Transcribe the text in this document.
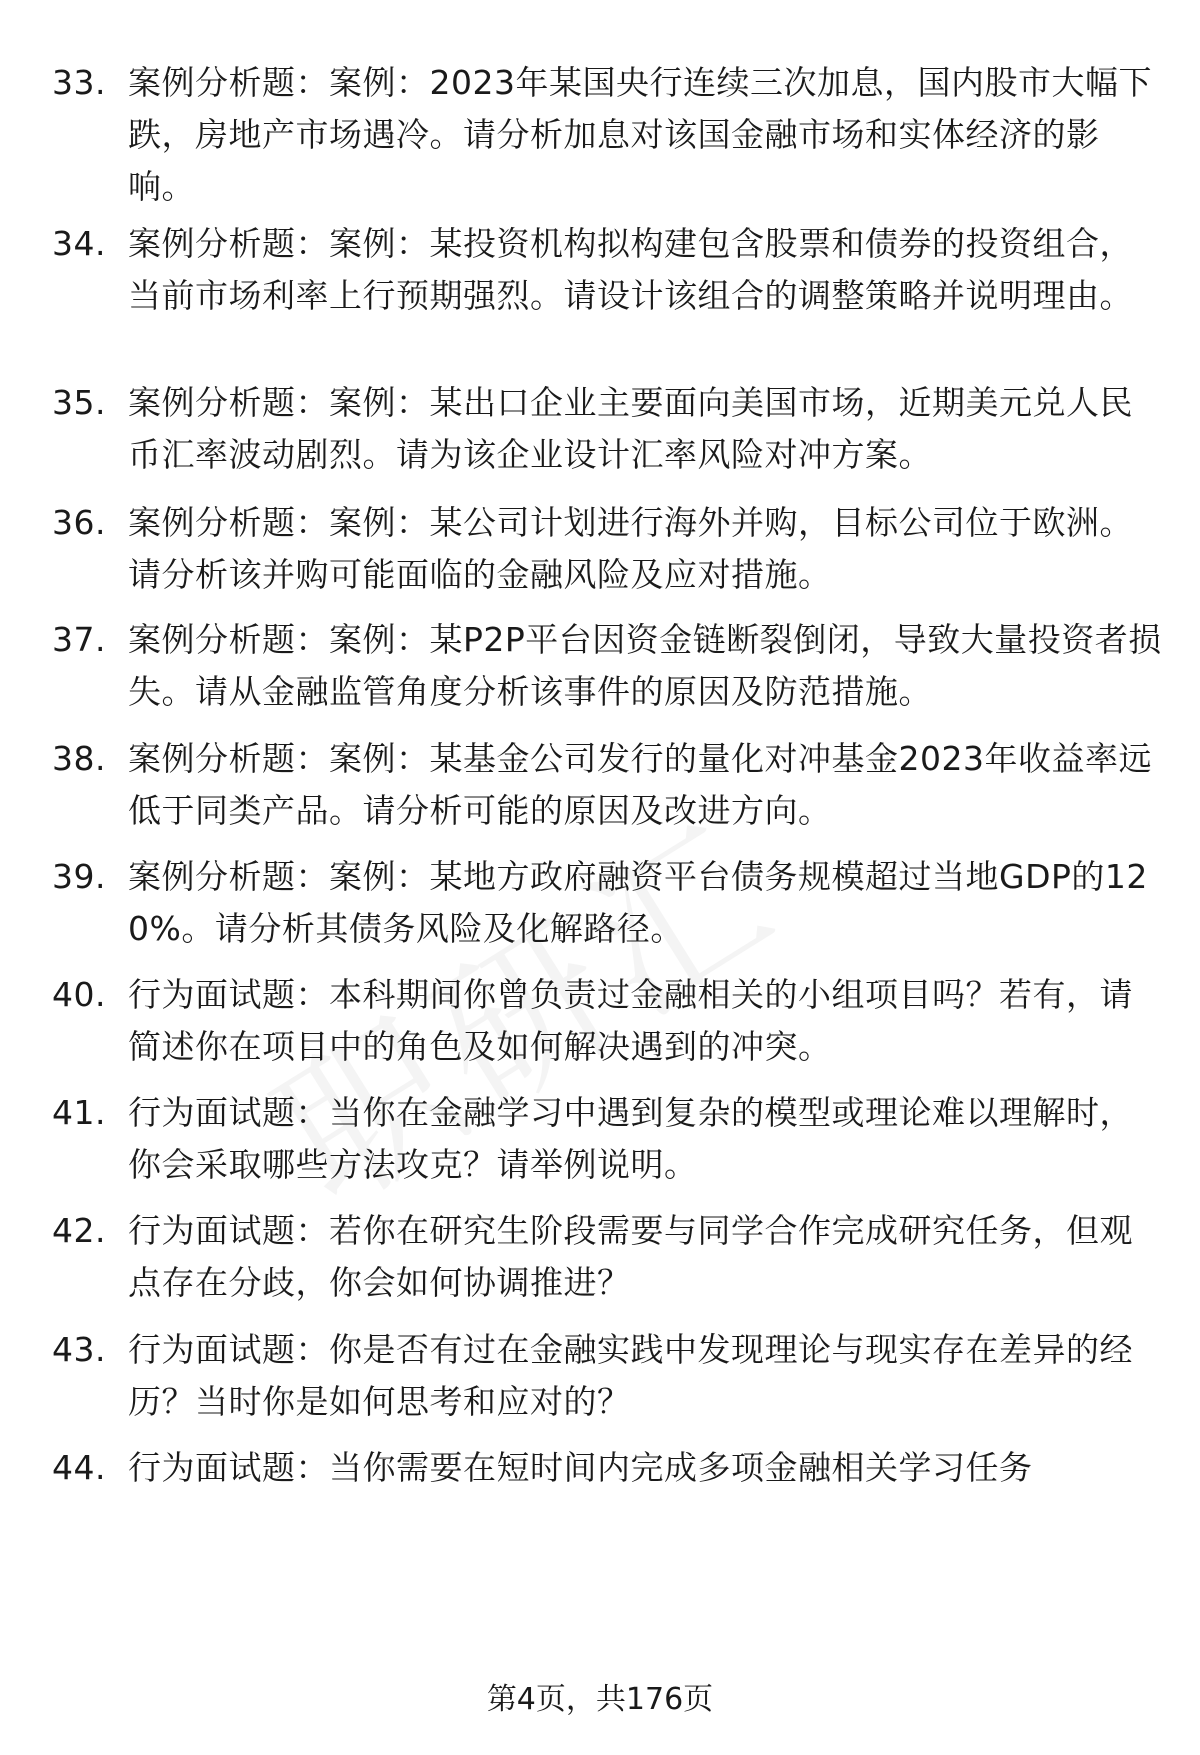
33. 案例分析题：案例：2023年某国央行连续三次加息，国内股市大幅下跌，房地产市场遇冷。请分析加息对该国金融市场和实体经济的影响。
34. 案例分析题：案例：某投资机构拟构建包含股票和债券的投资组合，当前市场利率上行预期强烈。请设计该组合的调整策略并说明理由。
35. 案例分析题：案例：某出口企业主要面向美国市场，近期美元兑人民币汇率波动剧烈。请为该企业设计汇率风险对冲方案。
36. 案例分析题：案例：某公司计划进行海外并购，目标公司位于欧洲。请分析该并购可能面临的金融风险及应对措施。
37. 案例分析题：案例：某P2P平台因资金链断裂倒闭，导致大量投资者损失。请从金融监管角度分析该事件的原因及防范措施。
38. 案例分析题：案例：某基金公司发行的量化对冲基金2023年收益率远低于同类产品。请分析可能的原因及改进方向。
39. 案例分析题：案例：某地方政府融资平台债务规模超过当地GDP的120%。请分析其债务风险及化解路径。
40. 行为面试题：本科期间你曾负责过金融相关的小组项目吗？若有，请简述你在项目中的角色及如何解决遇到的冲突。
41. 行为面试题：当你在金融学习中遇到复杂的模型或理论难以理解时，你会采取哪些方法攻克？请举例说明。
42. 行为面试题：若你在研究生阶段需要与同学合作完成研究任务，但观点存在分歧，你会如何协调推进？
43. 行为面试题：你是否有过在金融实践中发现理论与现实存在差异的经历？当时你是如何思考和应对的？
44. 行为面试题：当你需要在短时间内完成多项金融相关学习任务
第4页，共176页
